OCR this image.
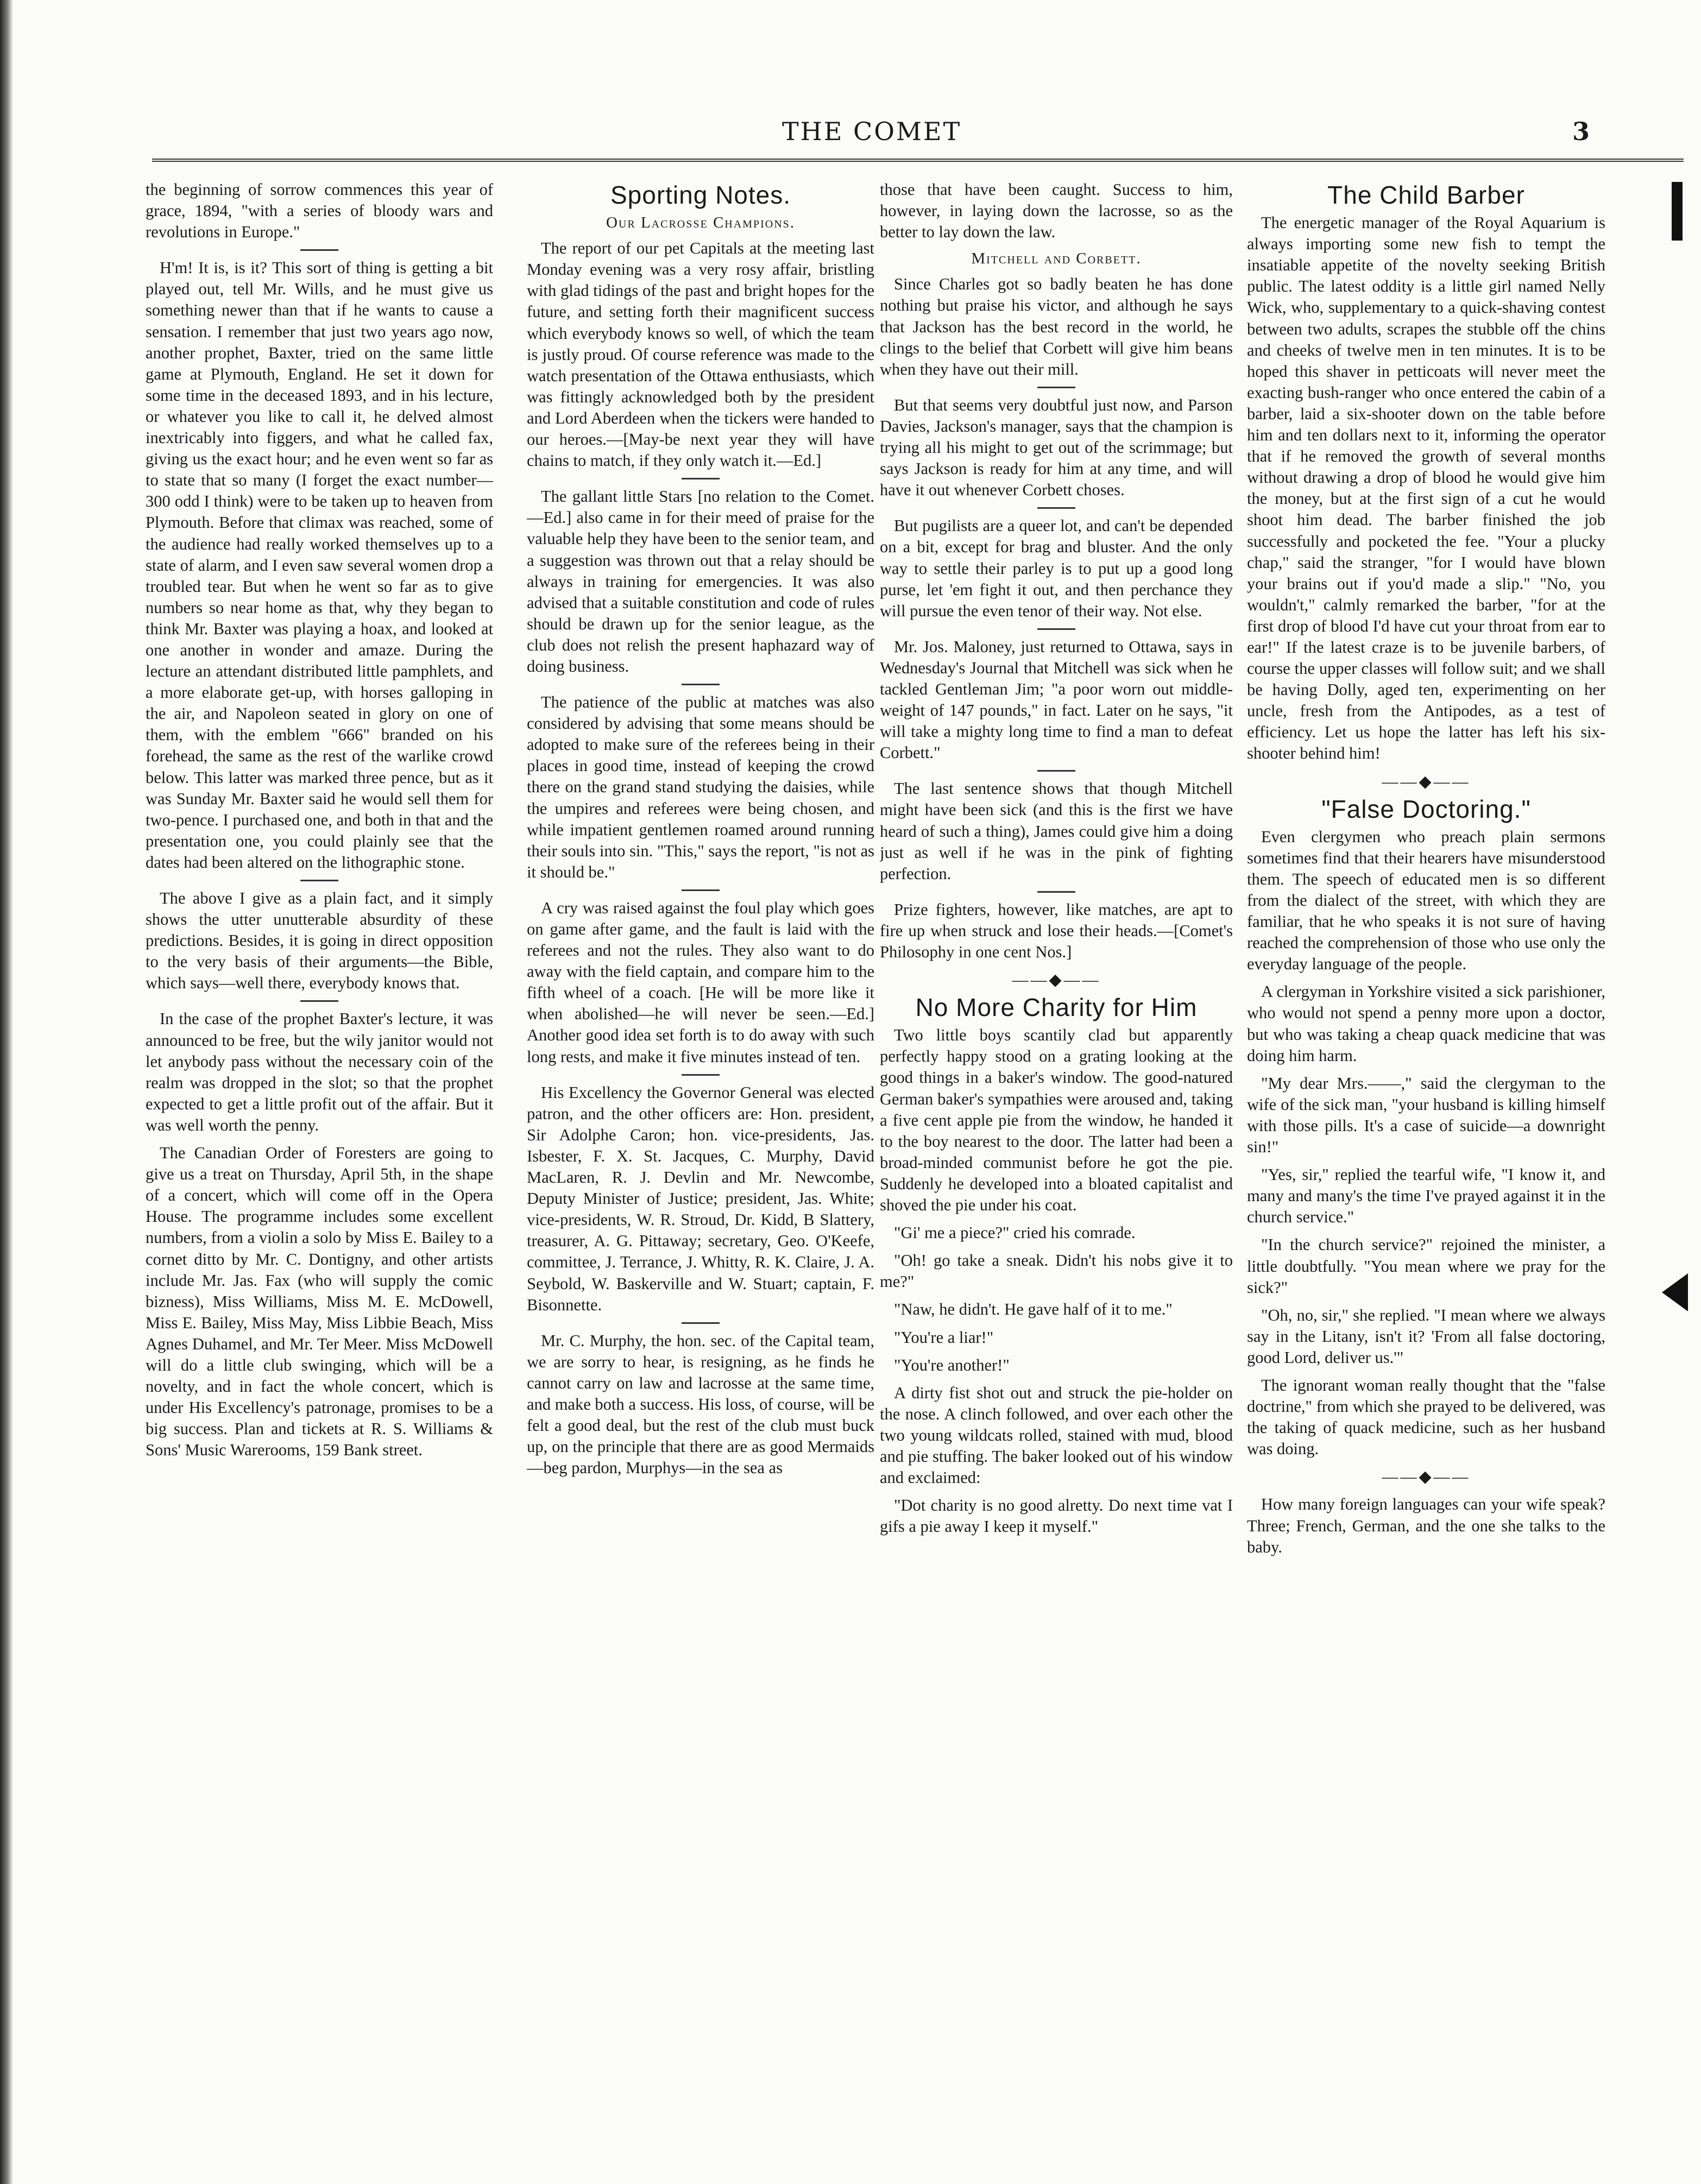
THE COMET	3

the beginning of sorrow commences this year of grace, 1894, "with a series of bloody wars and revolutions in Europe."

H'm! It is, is it? This sort of thing is getting a bit played out, tell Mr. Wills, and he must give us something newer than that if he wants to cause a sensation. I remember that just two years ago now, another prophet, Baxter, tried on the same little game at Plymouth, England. He set it down for some time in the deceased 1893, and in his lecture, or whatever you like to call it, he delved almost inextricably into figgers, and what he called fax, giving us the exact hour; and he even went so far as to state that so many (I forget the exact number—300 odd I think) were to be taken up to heaven from Plymouth. Before that climax was reached, some of the audience had really worked themselves up to a state of alarm, and I even saw several women drop a troubled tear. But when he went so far as to give numbers so near home as that, why they began to think Mr. Baxter was playing a hoax, and looked at one another in wonder and amaze. During the lecture an attendant distributed little pamphlets, and a more elaborate get-up, with horses galloping in the air, and Napoleon seated in glory on one of them, with the emblem "666" branded on his forehead, the same as the rest of the warlike crowd below. This latter was marked three pence, but as it was Sunday Mr. Baxter said he would sell them for two-pence. I purchased one, and both in that and the presentation one, you could plainly see that the dates had been altered on the lithographic stone.

The above I give as a plain fact, and it simply shows the utter unutterable absurdity of these predictions. Besides, it is going in direct opposition to the very basis of their arguments—the Bible, which says—well there, everybody knows that.

In the case of the prophet Baxter's lecture, it was announced to be free, but the wily janitor would not let anybody pass without the necessary coin of the realm was dropped in the slot; so that the prophet expected to get a little profit out of the affair. But it was well worth the penny.

The Canadian Order of Foresters are going to give us a treat on Thursday, April 5th, in the shape of a concert, which will come off in the Opera House. The programme includes some excellent numbers, from a violin a solo by Miss E. Bailey to a cornet ditto by Mr. C. Dontigny, and other artists include Mr. Jas. Fax (who will supply the comic bizness), Miss Williams, Miss M. E. McDowell, Miss E. Bailey, Miss May, Miss Libbie Beach, Miss Agnes Duhamel, and Mr. Ter Meer. Miss McDowell will do a little club swinging, which will be a novelty, and in fact the whole concert, which is under His Excellency's patronage, promises to be a big success. Plan and tickets at R. S. Williams & Sons' Music Warerooms, 159 Bank street.

Sporting Notes.
Our Lacrosse Champions.

The report of our pet Capitals at the meeting last Monday evening was a very rosy affair, bristling with glad tidings of the past and bright hopes for the future, and setting forth their magnificent success which everybody knows so well, of which the team is justly proud. Of course reference was made to the watch presentation of the Ottawa enthusiasts, which was fittingly acknowledged both by the president and Lord Aberdeen when the tickers were handed to our heroes.—[May-be next year they will have chains to match, if they only watch it.—Ed.]

The gallant little Stars [no relation to the Comet.—Ed.] also came in for their meed of praise for the valuable help they have been to the senior team, and a suggestion was thrown out that a relay should be always in training for emergencies. It was also advised that a suitable constitution and code of rules should be drawn up for the senior league, as the club does not relish the present haphazard way of doing business.

The patience of the public at matches was also considered by advising that some means should be adopted to make sure of the referees being in their places in good time, instead of keeping the crowd there on the grand stand studying the daisies, while the umpires and referees were being chosen, and while impatient gentlemen roamed around running their souls into sin. "This," says the report, "is not as it should be."

A cry was raised against the foul play which goes on game after game, and the fault is laid with the referees and not the rules. They also want to do away with the field captain, and compare him to the fifth wheel of a coach. [He will be more like it when abolished—he will never be seen.—Ed.] Another good idea set forth is to do away with such long rests, and make it five minutes instead of ten.

His Excellency the Governor General was elected patron, and the other officers are: Hon. president, Sir Adolphe Caron; hon. vice-presidents, Jas. Isbester, F. X. St. Jacques, C. Murphy, David MacLaren, R. J. Devlin and Mr. Newcombe, Deputy Minister of Justice; president, Jas. White; vice-presidents, W. R. Stroud, Dr. Kidd, B Slattery, treasurer, A. G. Pittaway; secretary, Geo. O'Keefe, committee, J. Terrance, J. Whitty, R. K. Claire, J. A. Seybold, W. Baskerville and W. Stuart; captain, F. Bisonnette.

Mr. C. Murphy, the hon. sec. of the Capital team, we are sorry to hear, is resigning, as he finds he cannot carry on law and lacrosse at the same time, and make both a success. His loss, of course, will be felt a good deal, but the rest of the club must buck up, on the principle that there are as good Mermaids—beg pardon, Murphys—in the sea as

those that have been caught. Success to him, however, in laying down the lacrosse, so as the better to lay down the law.

Mitchell and Corbett.

Since Charles got so badly beaten he has done nothing but praise his victor, and although he says that Jackson has the best record in the world, he clings to the belief that Corbett will give him beans when they have out their mill.

But that seems very doubtful just now, and Parson Davies, Jackson's manager, says that the champion is trying all his might to get out of the scrimmage; but says Jackson is ready for him at any time, and will have it out whenever Corbett choses.

But pugilists are a queer lot, and can't be depended on a bit, except for brag and bluster. And the only way to settle their parley is to put up a good long purse, let 'em fight it out, and then perchance they will pursue the even tenor of their way. Not else.

Mr. Jos. Maloney, just returned to Ottawa, says in Wednesday's Journal that Mitchell was sick when he tackled Gentleman Jim; "a poor worn out middle-weight of 147 pounds," in fact. Later on he says, "it will take a mighty long time to find a man to defeat Corbett."

The last sentence shows that though Mitchell might have been sick (and this is the first we have heard of such a thing), James could give him a doing just as well if he was in the pink of fighting perfection.

Prize fighters, however, like matches, are apt to fire up when struck and lose their heads.—[Comet's Philosophy in one cent Nos.]

——◆——
No More Charity for Him

Two little boys scantily clad but apparently perfectly happy stood on a grating looking at the good things in a baker's window. The good-natured German baker's sympathies were aroused and, taking a five cent apple pie from the window, he handed it to the boy nearest to the door. The latter had been a broad-minded communist before he got the pie. Suddenly he developed into a bloated capitalist and shoved the pie under his coat.

"Gi' me a piece?" cried his comrade.

"Oh! go take a sneak. Didn't his nobs give it to me?"

"Naw, he didn't. He gave half of it to me."

"You're a liar!"

"You're another!"

A dirty fist shot out and struck the pie-holder on the nose. A clinch followed, and over each other the two young wildcats rolled, stained with mud, blood and pie stuffing. The baker looked out of his window and exclaimed:

"Dot charity is no good alretty. Do next time vat I gifs a pie away I keep it myself."

The Child Barber

The energetic manager of the Royal Aquarium is always importing some new fish to tempt the insatiable appetite of the novelty seeking British public. The latest oddity is a little girl named Nelly Wick, who, supplementary to a quick-shaving contest between two adults, scrapes the stubble off the chins and cheeks of twelve men in ten minutes. It is to be hoped this shaver in petticoats will never meet the exacting bush-ranger who once entered the cabin of a barber, laid a six-shooter down on the table before him and ten dollars next to it, informing the operator that if he removed the growth of several months without drawing a drop of blood he would give him the money, but at the first sign of a cut he would shoot him dead. The barber finished the job successfully and pocketed the fee. "Your a plucky chap," said the stranger, "for I would have blown your brains out if you'd made a slip." "No, you wouldn't," calmly remarked the barber, "for at the first drop of blood I'd have cut your throat from ear to ear!" If the latest craze is to be juvenile barbers, of course the upper classes will follow suit; and we shall be having Dolly, aged ten, experimenting on her uncle, fresh from the Antipodes, as a test of efficiency. Let us hope the latter has left his six-shooter behind him!

——◆——
"False Doctoring."

Even clergymen who preach plain sermons sometimes find that their hearers have misunderstood them. The speech of educated men is so different from the dialect of the street, with which they are familiar, that he who speaks it is not sure of having reached the comprehension of those who use only the everyday language of the people.

A clergyman in Yorkshire visited a sick parishioner, who would not spend a penny more upon a doctor, but who was taking a cheap quack medicine that was doing him harm.

"My dear Mrs.——," said the clergyman to the wife of the sick man, "your husband is killing himself with those pills. It's a case of suicide—a downright sin!"

"Yes, sir," replied the tearful wife, "I know it, and many and many's the time I've prayed against it in the church service."

"In the church service?" rejoined the minister, a little doubtfully. "You mean where we pray for the sick?"

"Oh, no, sir," she replied. "I mean where we always say in the Litany, isn't it? 'From all false doctoring, good Lord, deliver us.'"

The ignorant woman really thought that the "false doctrine," from which she prayed to be delivered, was the taking of quack medicine, such as her husband was doing.

——◆——

How many foreign languages can your wife speak? Three; French, German, and the one she talks to the baby.
